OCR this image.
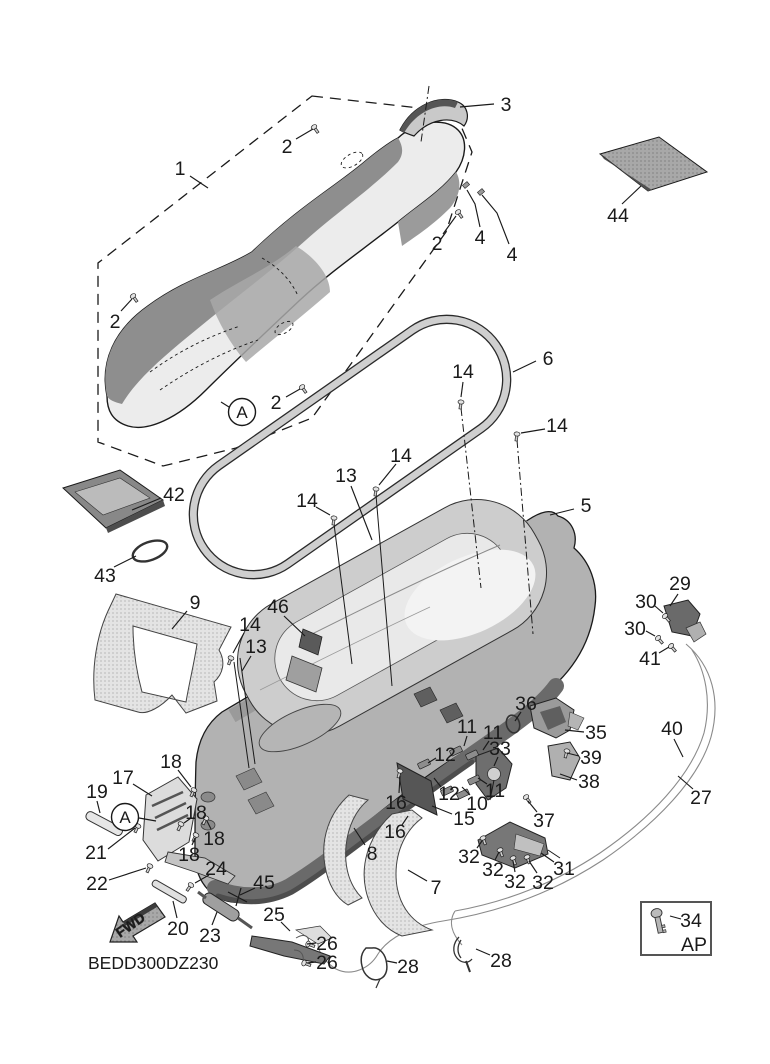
FWD
BEDD300DZ230
1
2
2
2
2
3
4
4
44
6
5
14
14
14
14
14
13
13
42
43
9	46
29
30
30
41
40
27
35
39
38
36
33
37
11 11
11
12
12 10
16
16
15
8
7
32
32
32 32
31
17
19
A
21
22
18
18
18
18
24
45
20 23
25
26
26	28	28
34
AP
A
